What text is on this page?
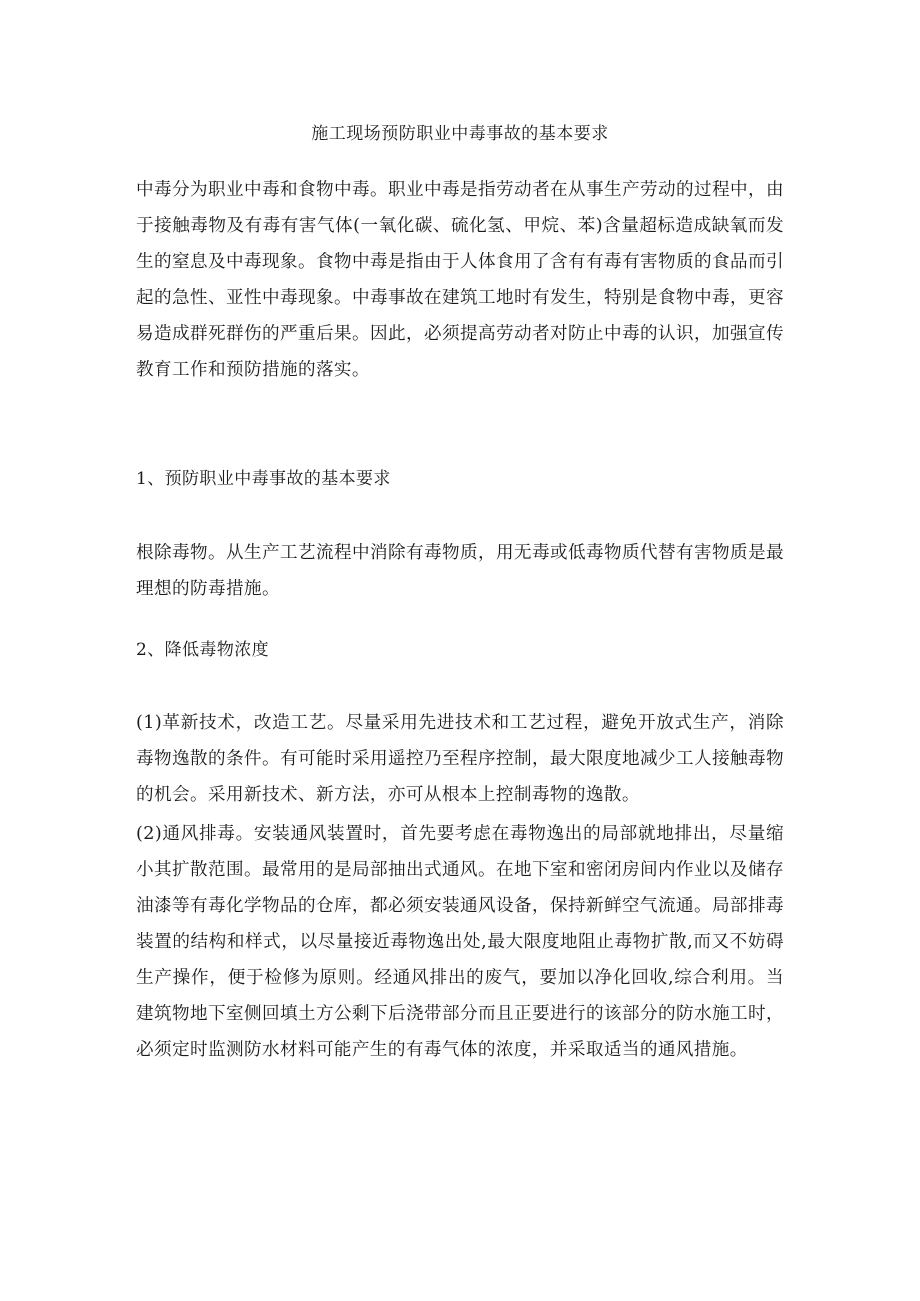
施工现场预防职业中毒事故的基本要求

中毒分为职业中毒和食物中毒。职业中毒是指劳动者在从事生产劳动的过程中，由于接触毒物及有毒有害气体(一氧化碳、硫化氢、甲烷、苯)含量超标造成缺氧而发生的窒息及中毒现象。食物中毒是指由于人体食用了含有有毒有害物质的食品而引起的急性、亚性中毒现象。中毒事故在建筑工地时有发生，特别是食物中毒，更容易造成群死群伤的严重后果。因此，必须提高劳动者对防止中毒的认识，加强宣传教育工作和预防措施的落实。

1、预防职业中毒事故的基本要求

根除毒物。从生产工艺流程中消除有毒物质，用无毒或低毒物质代替有害物质是最理想的防毒措施。

2、降低毒物浓度

(1)革新技术，改造工艺。尽量采用先进技术和工艺过程，避免开放式生产，消除毒物逸散的条件。有可能时采用遥控乃至程序控制，最大限度地减少工人接触毒物的机会。采用新技术、新方法，亦可从根本上控制毒物的逸散。

(2)通风排毒。安装通风装置时，首先要考虑在毒物逸出的局部就地排出，尽量缩小其扩散范围。最常用的是局部抽出式通风。在地下室和密闭房间内作业以及储存油漆等有毒化学物品的仓库，都必须安装通风设备，保持新鲜空气流通。局部排毒装置的结构和样式，以尽量接近毒物逸出处,最大限度地阻止毒物扩散,而又不妨碍生产操作，便于检修为原则。经通风排出的废气，要加以净化回收,综合利用。当建筑物地下室侧回填土方公剩下后浇带部分而且正要进行的该部分的防水施工时，必须定时监测防水材料可能产生的有毒气体的浓度，并采取适当的通风措施。
